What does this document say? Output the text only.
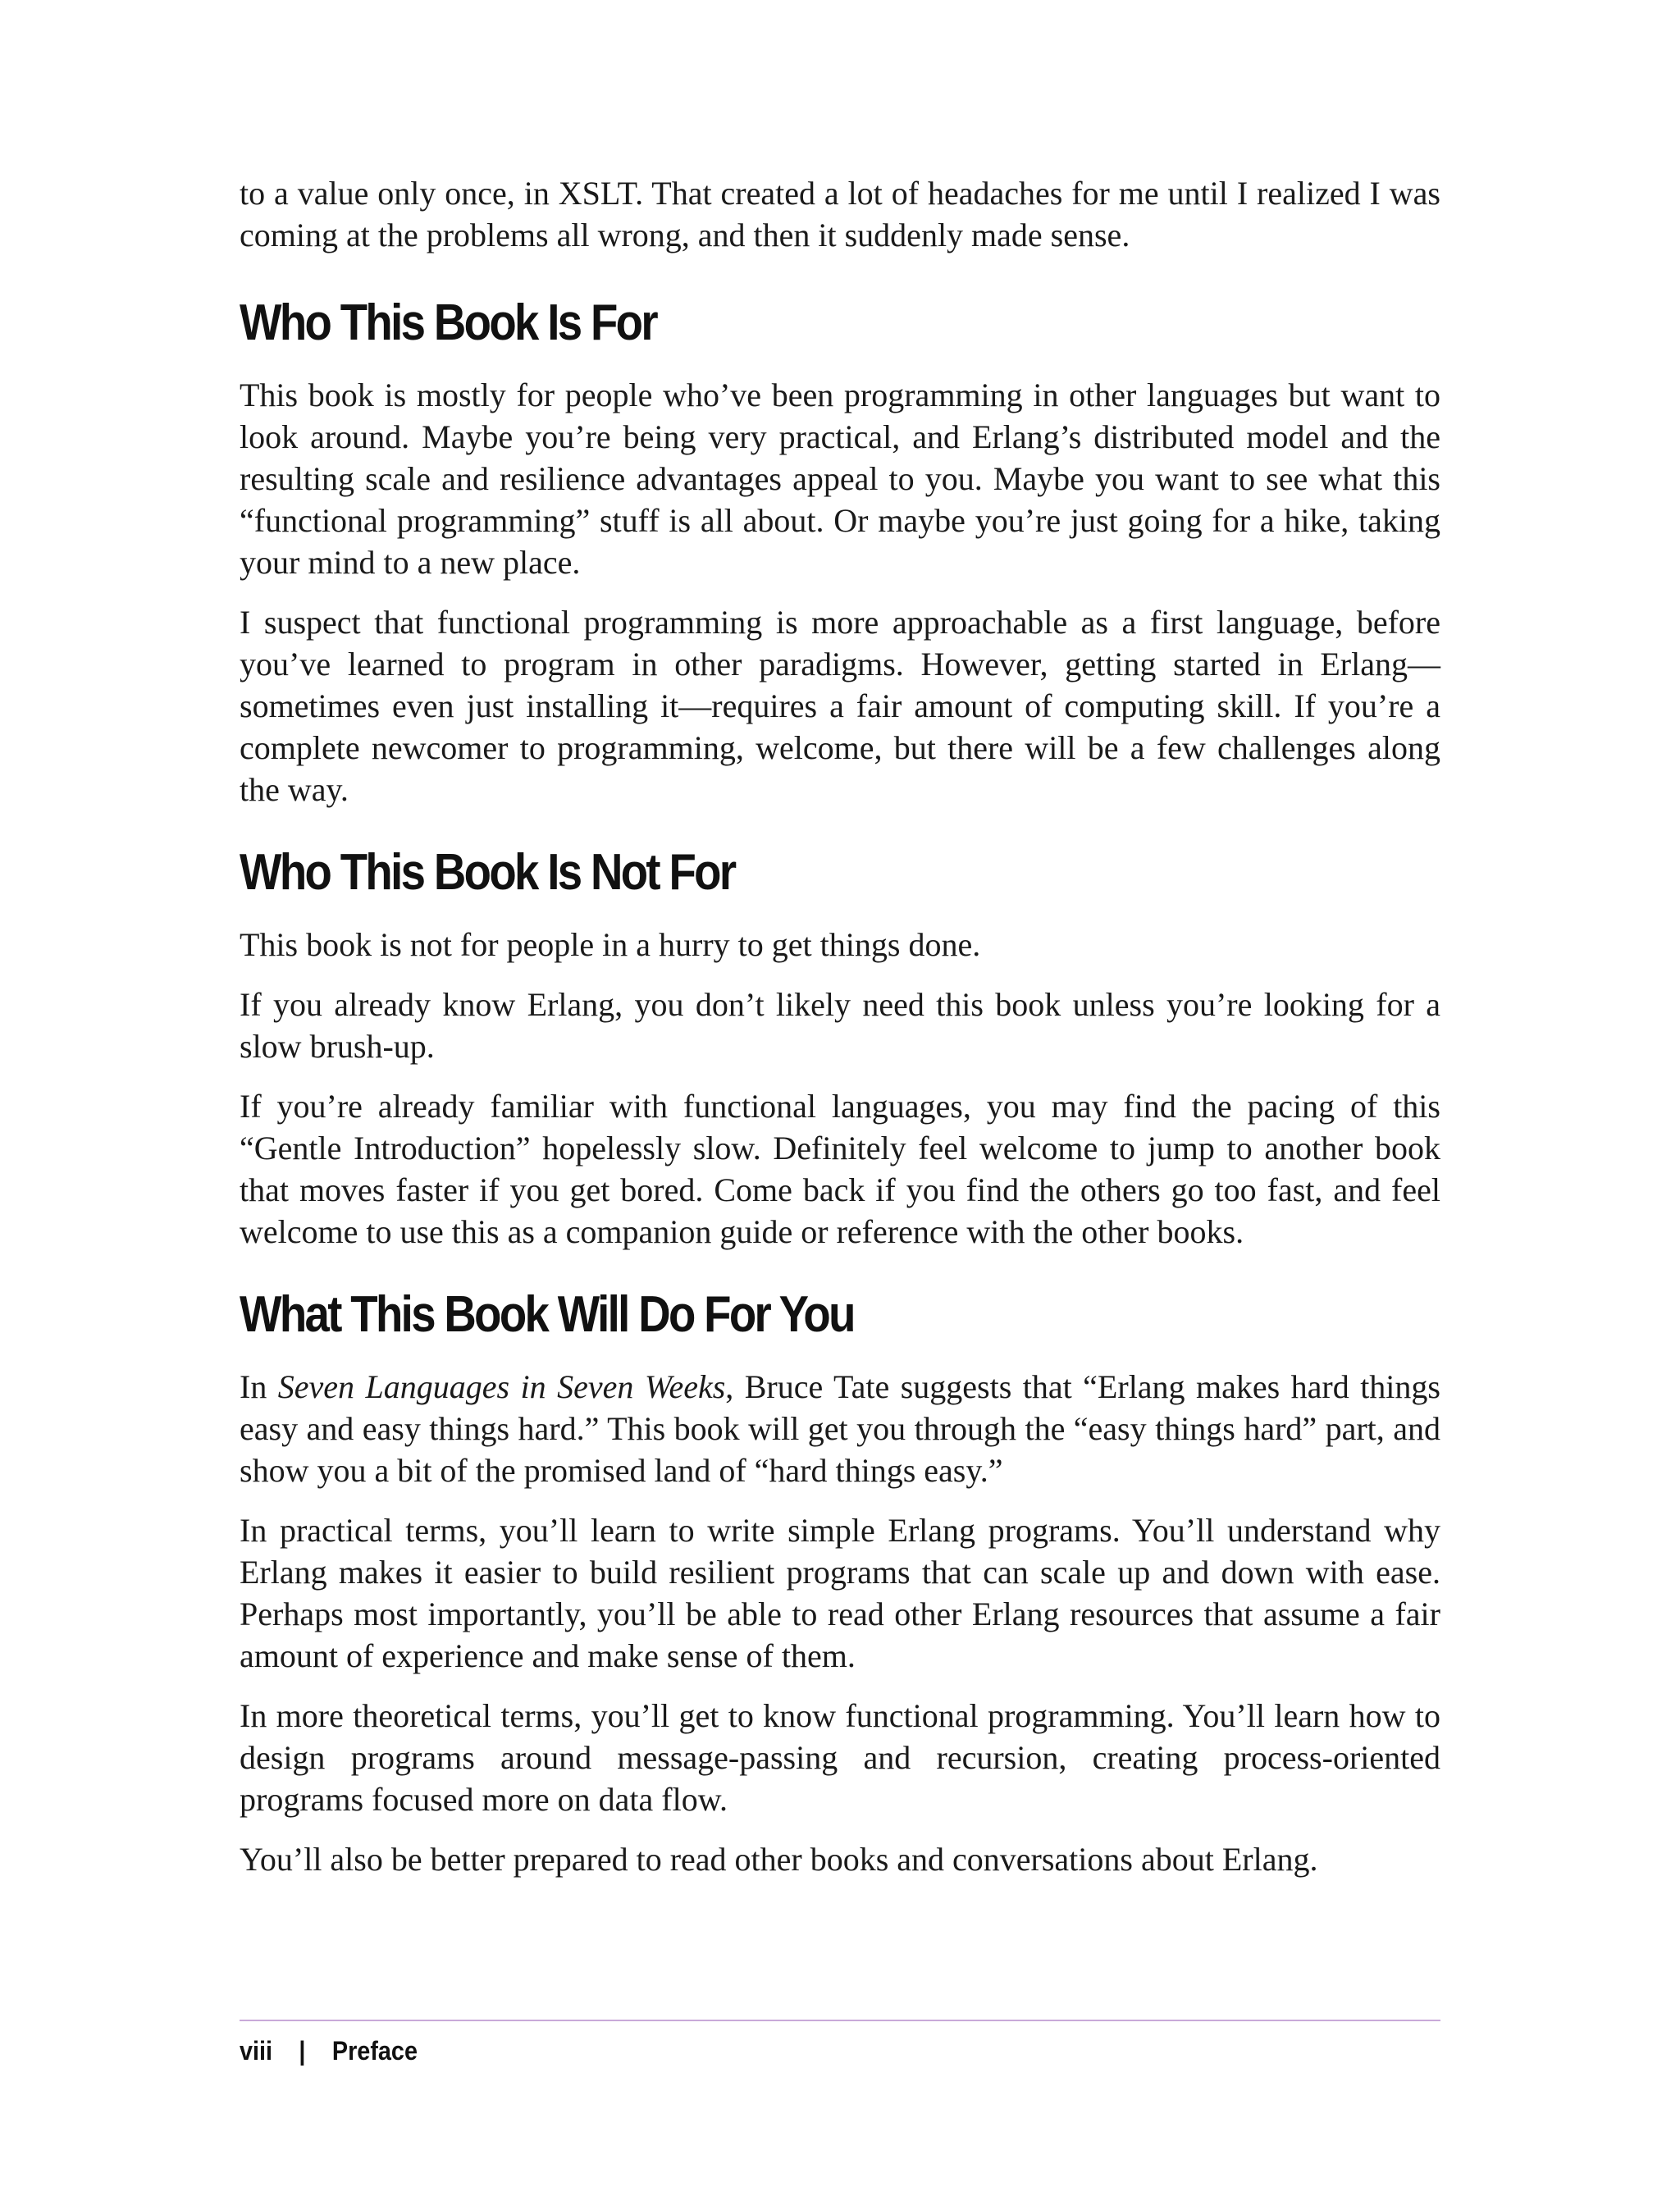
to a value only once, in XSLT. That created a lot of headaches for me until I realized I was coming at the problems all wrong, and then it suddenly made sense.

Who This Book Is For

This book is mostly for people who’ve been programming in other languages but want to look around. Maybe you’re being very practical, and Erlang’s distributed model and the resulting scale and resilience advantages appeal to you. Maybe you want to see what this “functional programming” stuff is all about. Or maybe you’re just going for a hike, taking your mind to a new place.

I suspect that functional programming is more approachable as a first language, before you’ve learned to program in other paradigms. However, getting started in Erlang—sometimes even just installing it—requires a fair amount of computing skill. If you’re a complete newcomer to programming, welcome, but there will be a few challenges along the way.

Who This Book Is Not For

This book is not for people in a hurry to get things done.

If you already know Erlang, you don’t likely need this book unless you’re looking for a slow brush-up.

If you’re already familiar with functional languages, you may find the pacing of this “Gentle Introduction” hopelessly slow. Definitely feel welcome to jump to another book that moves faster if you get bored. Come back if you find the others go too fast, and feel welcome to use this as a companion guide or reference with the other books.

What This Book Will Do For You

In Seven Languages in Seven Weeks, Bruce Tate suggests that “Erlang makes hard things easy and easy things hard.” This book will get you through the “easy things hard” part, and show you a bit of the promised land of “hard things easy.”

In practical terms, you’ll learn to write simple Erlang programs. You’ll understand why Erlang makes it easier to build resilient programs that can scale up and down with ease. Perhaps most importantly, you’ll be able to read other Erlang resources that assume a fair amount of experience and make sense of them.

In more theoretical terms, you’ll get to know functional programming. You’ll learn how to design programs around message-passing and recursion, creating process-oriented programs focused more on data flow.

You’ll also be better prepared to read other books and conversations about Erlang.

viii | Preface
